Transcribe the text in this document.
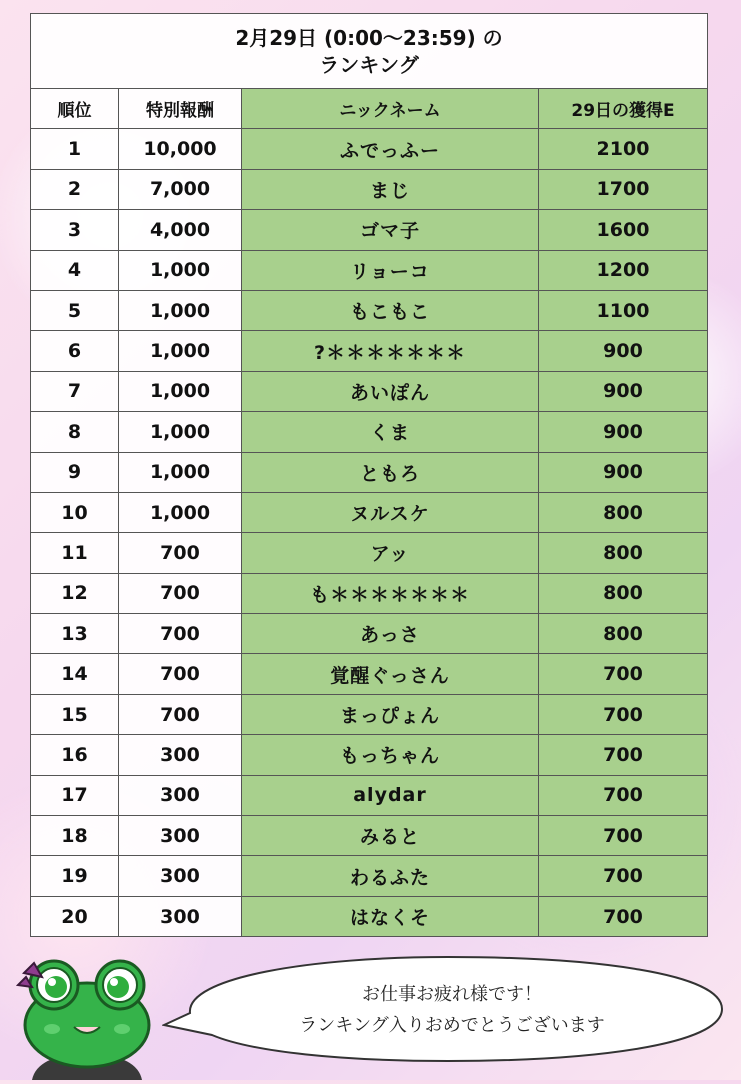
2月29日 (0:00〜23:59) の
ランキング			

順位	特別報酬	ニックネーム	29日の獲得E
1	10,000	ふでっふー	2100
2	7,000	まじ	1700
3	4,000	ゴマ子	1600
4	1,000	リョーコ	1200
5	1,000	もこもこ	1100
6	1,000	?＊＊＊＊＊＊＊	900
7	1,000	あいぽん	900
8	1,000	くま	900
9	1,000	ともろ	900
10	1,000	ヌルスケ	800
11	700	アッ	800
12	700	も＊＊＊＊＊＊＊	800
13	700	あっさ	800
14	700	覚醒ぐっさん	700
15	700	まっぴょん	700
16	300	もっちゃん	700
17	300	alydar	700
18	300	みると	700
19	300	わるふた	700
20	300	はなくそ	700
お仕事お疲れ様です！
ランキング入りおめでとうございます
